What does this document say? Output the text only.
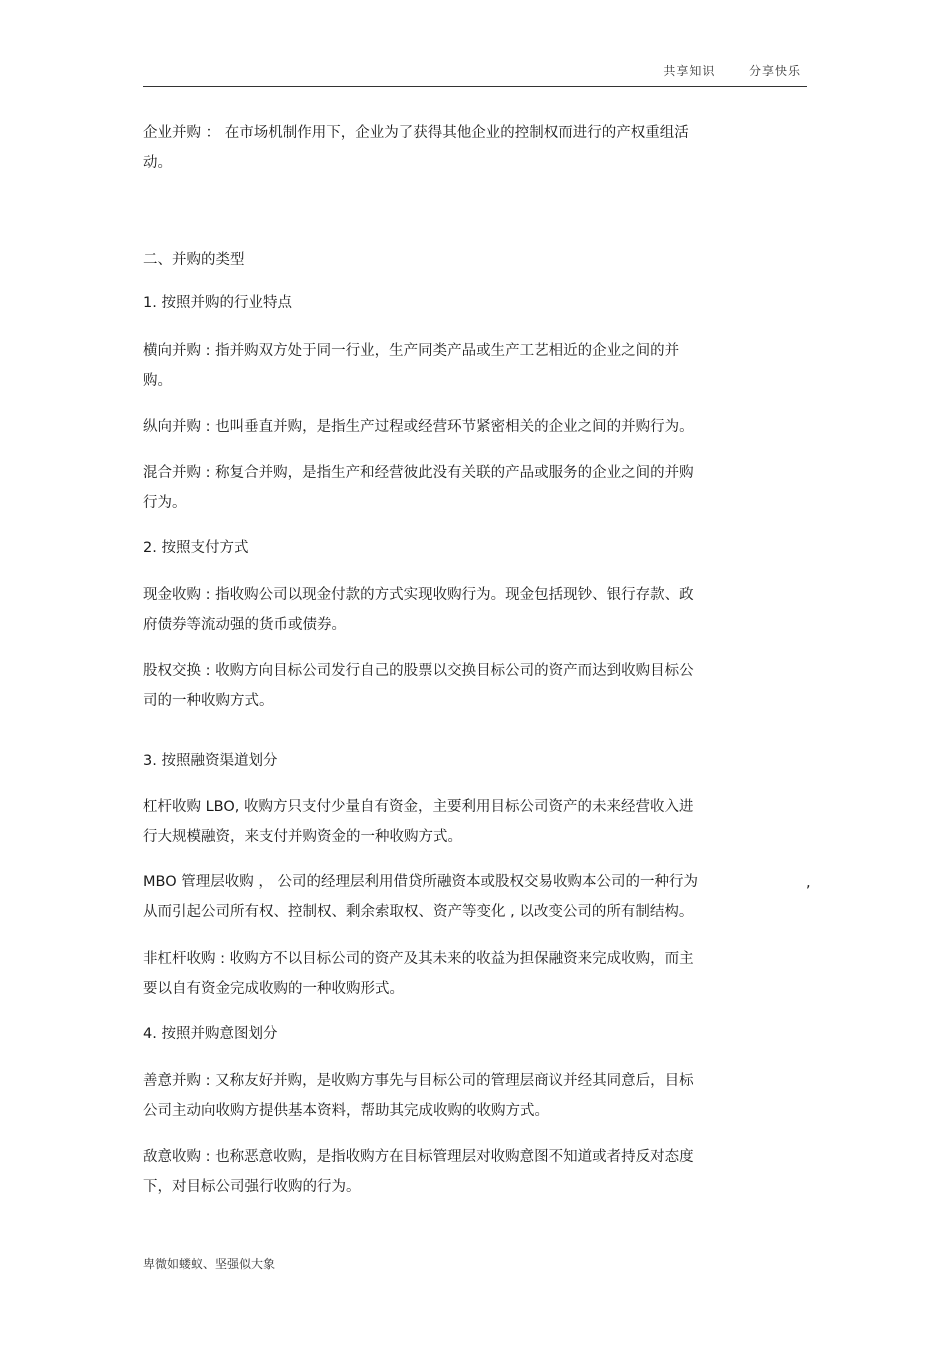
共享知识	分享快乐
企业并购 ： 在市场机制作用下，企业为了获得其他企业的控制权而进行的产权重组活
动。
二、并购的类型
1. 按照并购的行业特点
横向并购 : 指并购双方处于同一行业，生产同类产品或生产工艺相近的企业之间的并
购。
纵向并购 : 也叫垂直并购，是指生产过程或经营环节紧密相关的企业之间的并购行为。
混合并购 : 称复合并购，是指生产和经营彼此没有关联的产品或服务的企业之间的并购
行为。
2. 按照支付方式
现金收购 : 指收购公司以现金付款的方式实现收购行为。现金包括现钞、银行存款、政
府债券等流动强的货币或债券。
股权交换 : 收购方向目标公司发行自己的股票以交换目标公司的资产而达到收购目标公
司的一种收购方式。
3. 按照融资渠道划分
杠杆收购 LBO, 收购方只支付少量自有资金，主要利用目标公司资产的未来经营收入进
行大规模融资，来支付并购资金的一种收购方式。
MBO 管理层收购 ， 公司的经理层利用借贷所融资本或股权交易收购本公司的一种行为
从而引起公司所有权、控制权、剩余索取权、资产等变化 , 以改变公司的所有制结构。
,
非杠杆收购 : 收购方不以目标公司的资产及其未来的收益为担保融资来完成收购，而主
要以自有资金完成收购的一种收购形式。
4. 按照并购意图划分
善意并购 : 又称友好并购，是收购方事先与目标公司的管理层商议并经其同意后，目标
公司主动向收购方提供基本资料，帮助其完成收购的收购方式。
敌意收购 : 也称恶意收购，是指收购方在目标管理层对收购意图不知道或者持反对态度
下，对目标公司强行收购的行为。
卑微如蝼蚁、坚强似大象
